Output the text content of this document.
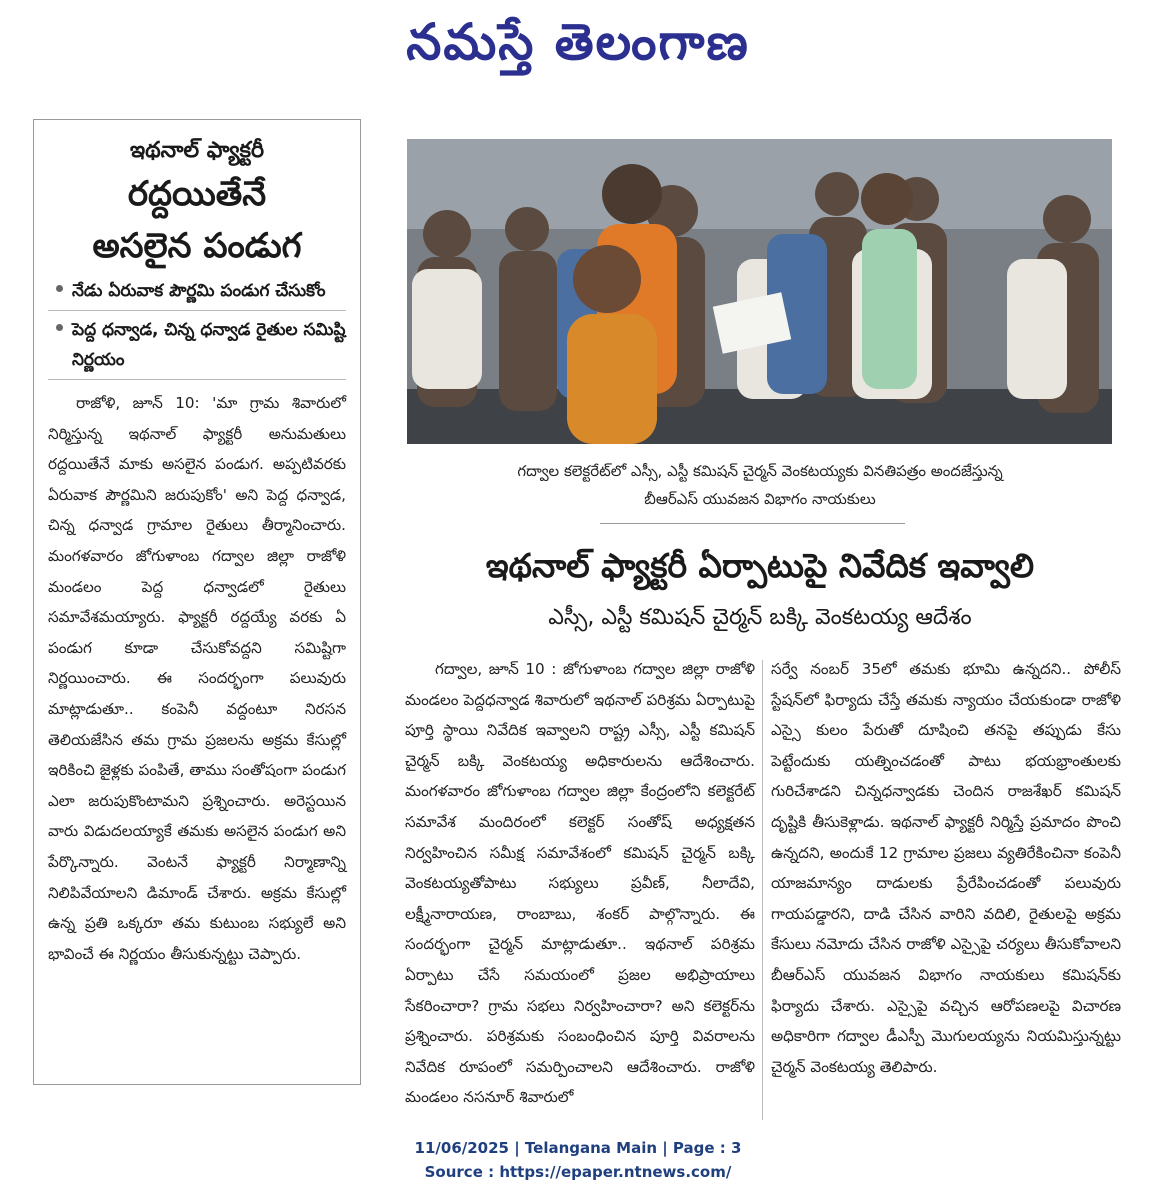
నమస్తే తెలంగాణ
ఇథనాల్ ఫ్యాక్టరీ
రద్దయితేనే
అసలైన పండుగ
నేడు ఏరువాక పౌర్ణమి పండుగ చేసుకోం
పెద్ద ధన్వాడ, చిన్న ధన్వాడ రైతుల సమిష్టి నిర్ణయం

రాజోళి, జూన్ 10: 'మా గ్రామ శివారులో నిర్మిస్తున్న ఇథనాల్ ఫ్యాక్టరీ అనుమతులు రద్దయితేనే మాకు అసలైన పండుగ. అప్పటివరకు ఏరువాక పౌర్ణమిని జరుపుకోం' అని పెద్ద ధన్వాడ, చిన్న ధన్వాడ గ్రామాల రైతులు తీర్మానించారు. మంగళవారం జోగుళాంబ గద్వాల జిల్లా రాజోళి మండలం పెద్ద ధన్వాడలో రైతులు సమావేశమయ్యారు. ఫ్యాక్టరీ రద్దయ్యే వరకు ఏ పండుగ కూడా చేసుకోవద్దని సమిష్టిగా నిర్ణయించారు. ఈ సందర్భంగా పలువురు మాట్లాడుతూ.. కంపెనీ వద్దంటూ నిరసన తెలియజేసిన తమ గ్రామ ప్రజలను అక్రమ కేసుల్లో ఇరికించి జైళ్లకు పంపితే, తాము సంతోషంగా పండుగ ఎలా జరుపుకొంటామని ప్రశ్నించారు. అరెస్టయిన వారు విడుదలయ్యాకే తమకు అసలైన పండుగ అని పేర్కొన్నారు. వెంటనే ఫ్యాక్టరీ నిర్మాణాన్ని నిలిపివేయాలని డిమాండ్ చేశారు. అక్రమ కేసుల్లో ఉన్న ప్రతి ఒక్కరూ తమ కుటుంబ సభ్యులే అని భావించే ఈ నిర్ణయం తీసుకున్నట్టు చెప్పారు.

గద్వాల కలెక్టరేట్‌లో ఎస్సీ, ఎస్టీ కమిషన్ చైర్మన్ వెంకటయ్యకు వినతిపత్రం అందజేస్తున్న
బీఆర్‌ఎస్ యువజన విభాగం నాయకులు
ఇథనాల్ ఫ్యాక్టరీ ఏర్పాటుపై నివేదిక ఇవ్వాలి
ఎస్సీ, ఎస్టీ కమిషన్ చైర్మన్ బక్కి వెంకటయ్య ఆదేశం

గద్వాల, జూన్ 10 : జోగుళాంబ గద్వాల జిల్లా రాజోళి మండలం పెద్దధన్వాడ శివారులో ఇథనాల్ పరిశ్రమ ఏర్పాటుపై పూర్తి స్థాయి నివేదిక ఇవ్వాలని రాష్ట్ర ఎస్సీ, ఎస్టీ కమిషన్ చైర్మన్ బక్కి వెంకటయ్య అధికారులను ఆదేశించారు. మంగళవారం జోగుళాంబ గద్వాల జిల్లా కేంద్రంలోని కలెక్టరేట్ సమావేశ మందిరంలో కలెక్టర్ సంతోష్ అధ్యక్షతన నిర్వహించిన సమీక్ష సమావేశంలో కమిషన్ చైర్మన్ బక్కి వెంకటయ్యతోపాటు సభ్యులు ప్రవీణ్, నీలాదేవి, లక్ష్మీనారాయణ, రాంబాబు, శంకర్ పాల్గొన్నారు. ఈ సందర్భంగా చైర్మన్ మాట్లాడుతూ.. ఇథనాల్ పరిశ్రమ ఏర్పాటు చేసే సమయంలో ప్రజల అభిప్రాయాలు సేకరించారా? గ్రామ సభలు నిర్వహించారా? అని కలెక్టర్‌ను ప్రశ్నించారు. పరిశ్రమకు సంబంధించిన పూర్తి వివరాలను నివేదిక రూపంలో సమర్పించాలని ఆదేశించారు. రాజోళి మండలం నసనూర్ శివారులో

సర్వే నంబర్ 35లో తమకు భూమి ఉన్నదని.. పోలీస్ స్టేషన్‌లో ఫిర్యాదు చేస్తే తమకు న్యాయం చేయకుండా రాజోళి ఎస్సై కులం పేరుతో దూషించి తనపై తప్పుడు కేసు పెట్టేందుకు యత్నించడంతో పాటు భయభ్రాంతులకు గురిచేశాడని చిన్నధన్వాడకు చెందిన రాజశేఖర్ కమిషన్ దృష్టికి తీసుకెళ్లాడు. ఇథనాల్ ఫ్యాక్టరీ నిర్మిస్తే ప్రమాదం పొంచి ఉన్నదని, అందుకే 12 గ్రామాల ప్రజలు వ్యతిరేకించినా కంపెనీ యాజమాన్యం దాడులకు ప్రేరేపించడంతో పలువురు గాయపడ్డారని, దాడి చేసిన వారిని వదిలి, రైతులపై అక్రమ కేసులు నమోదు చేసిన రాజోళి ఎస్సైపై చర్యలు తీసుకోవాలని బీఆర్‌ఎస్ యువజన విభాగం నాయకులు కమిషన్‌కు ఫిర్యాదు చేశారు. ఎస్సైపై వచ్చిన ఆరోపణలపై విచారణ అధికారిగా గద్వాల డీఎస్పీ మొగులయ్యను నియమిస్తున్నట్టు చైర్మన్ వెంకటయ్య తెలిపారు.

11/06/2025 | Telangana Main | Page : 3
Source : https://epaper.ntnews.com/
